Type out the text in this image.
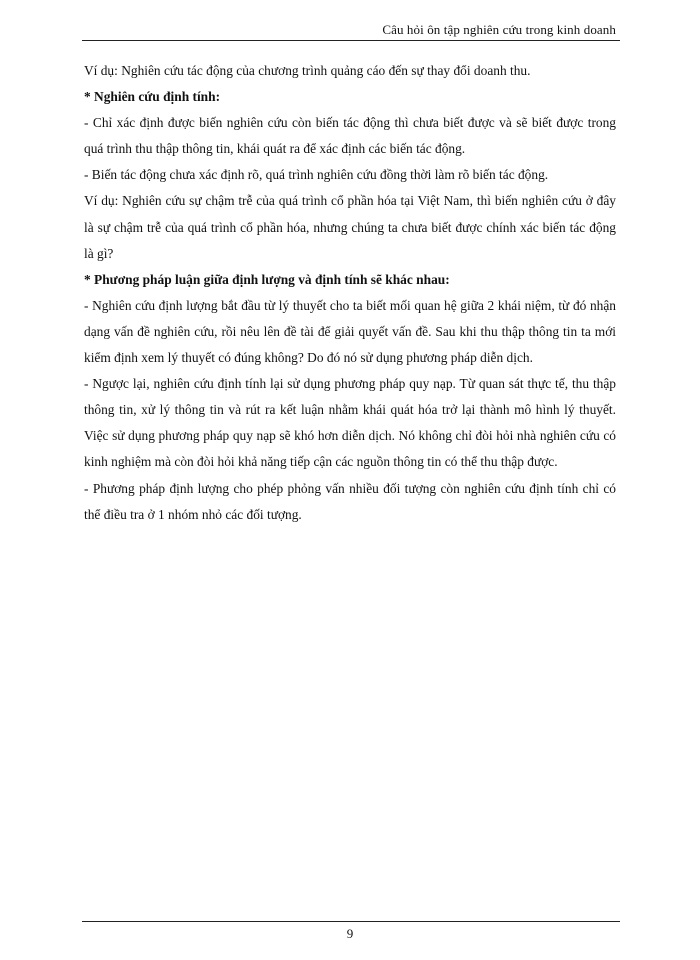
Câu hỏi ôn tập nghiên cứu trong kinh doanh

Ví dụ: Nghiên cứu tác động của chương trình quảng cáo đến sự thay đổi doanh thu.

* Nghiên cứu định tính:

- Chỉ xác định được biến nghiên cứu còn biến tác động thì chưa biết được và sẽ biết được trong quá trình thu thập thông tin, khái quát ra để xác định các biến tác động.

- Biến tác động chưa xác định rõ, quá trình nghiên cứu đồng thời làm rõ biến tác động.

Ví dụ: Nghiên cứu sự chậm trễ của quá trình cổ phần hóa tại Việt Nam, thì biến nghiên cứu ở đây là sự chậm trễ của quá trình cổ phần hóa, nhưng chúng ta chưa biết được chính xác biến tác động là gì?

* Phương pháp luận giữa định lượng và định tính sẽ khác nhau:

- Nghiên cứu định lượng bắt đầu từ lý thuyết cho ta biết mối quan hệ giữa 2 khái niệm, từ đó nhận dạng vấn đề nghiên cứu, rồi nêu lên đề tài để giải quyết vấn đề. Sau khi thu thập thông tin ta mới kiểm định xem lý thuyết có đúng không? Do đó nó sử dụng phương pháp diễn dịch.

- Ngược lại, nghiên cứu định tính lại sử dụng phương pháp quy nạp. Từ quan sát thực tế, thu thập thông tin, xử lý thông tin và rút ra kết luận nhằm khái quát hóa trở lại thành mô hình lý thuyết. Việc sử dụng phương pháp quy nạp sẽ khó hơn diễn dịch. Nó không chỉ đòi hỏi nhà nghiên cứu có kinh nghiệm mà còn đòi hỏi khả năng tiếp cận các nguồn thông tin có thể thu thập được.

- Phương pháp định lượng cho phép phỏng vấn nhiều đối tượng còn nghiên cứu định tính chỉ có thể điều tra ở 1 nhóm nhỏ các đối tượng.

9
